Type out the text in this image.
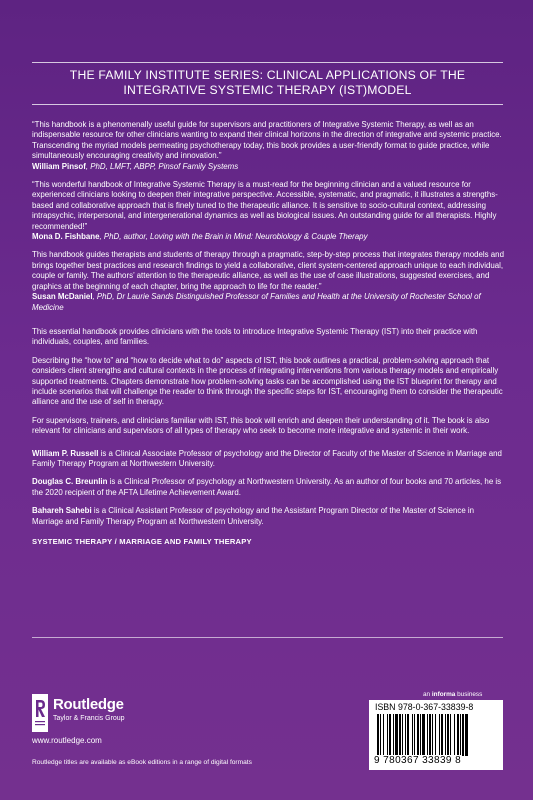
THE FAMILY INSTITUTE SERIES: CLINICAL APPLICATIONS OF THE
INTEGRATIVE SYSTEMIC THERAPY (IST)MODEL
“This handbook is a phenomenally useful guide for supervisors and practitioners of Integrative Systemic Therapy, as well as an indispensable resource for other clinicians wanting to expand their clinical horizons in the direction of integrative and systemic practice. Transcending the myriad models permeating psychotherapy today, this book provides a user-friendly format to guide practice, while simultaneously encouraging creativity and innovation.”
William Pinsof, PhD, LMFT, ABPP, Pinsof Family Systems
“This wonderful handbook of Integrative Systemic Therapy is a must-read for the beginning clinician and a valued resource for experienced clinicians looking to deepen their integrative perspective. Accessible, systematic, and pragmatic, it illustrates a strengths-based and collaborative approach that is finely tuned to the therapeutic alliance. It is sensitive to socio-cultural context, addressing intrapsychic, interpersonal, and intergenerational dynamics as well as biological issues. An outstanding guide for all therapists. Highly recommended!”
Mona D. Fishbane, PhD, author, Loving with the Brain in Mind: Neurobiology & Couple Therapy
This handbook guides therapists and students of therapy through a pragmatic, step-by-step process that integrates therapy models and brings together best practices and research findings to yield a collaborative, client system-centered approach unique to each individual, couple or family. The authors’ attention to the therapeutic alliance, as well as the use of case illustrations, suggested exercises, and graphics at the beginning of each chapter, bring the approach to life for the reader.”
Susan McDaniel, PhD, Dr Laurie Sands Distinguished Professor of Families and Health at the University of Rochester School of Medicine

This essential handbook provides clinicians with the tools to introduce Integrative Systemic Therapy (IST) into their practice with individuals, couples, and families.

Describing the “how to” and “how to decide what to do” aspects of IST, this book outlines a practical, problem-solving approach that considers client strengths and cultural contexts in the process of integrating interventions from various therapy models and empirically supported treatments. Chapters demonstrate how problem-solving tasks can be accomplished using the IST blueprint for therapy and include scenarios that will challenge the reader to think through the specific steps for IST, encouraging them to consider the therapeutic alliance and the use of self in therapy.

For supervisors, trainers, and clinicians familiar with IST, this book will enrich and deepen their understanding of it. The book is also relevant for clinicians and supervisors of all types of therapy who seek to become more integrative and systemic in their work.

William P. Russell is a Clinical Associate Professor of psychology and the Director of Faculty of the Master of Science in Marriage and Family Therapy Program at Northwestern University.

Douglas C. Breunlin is a Clinical Professor of psychology at Northwestern University. As an author of four books and 70 articles, he is the 2020 recipient of the AFTA Lifetime Achievement Award.

Bahareh Sahebi is a Clinical Assistant Professor of psychology and the Assistant Program Director of the Master of Science in Marriage and Family Therapy Program at Northwestern University.

SYSTEMIC THERAPY / MARRIAGE AND FAMILY THERAPY
Routledge
Taylor & Francis Group
www.routledge.com
Routledge titles are available as eBook editions in a range of digital formats
an informa business
ISBN 978-0-367-33839-8
9 780367 33839 8
